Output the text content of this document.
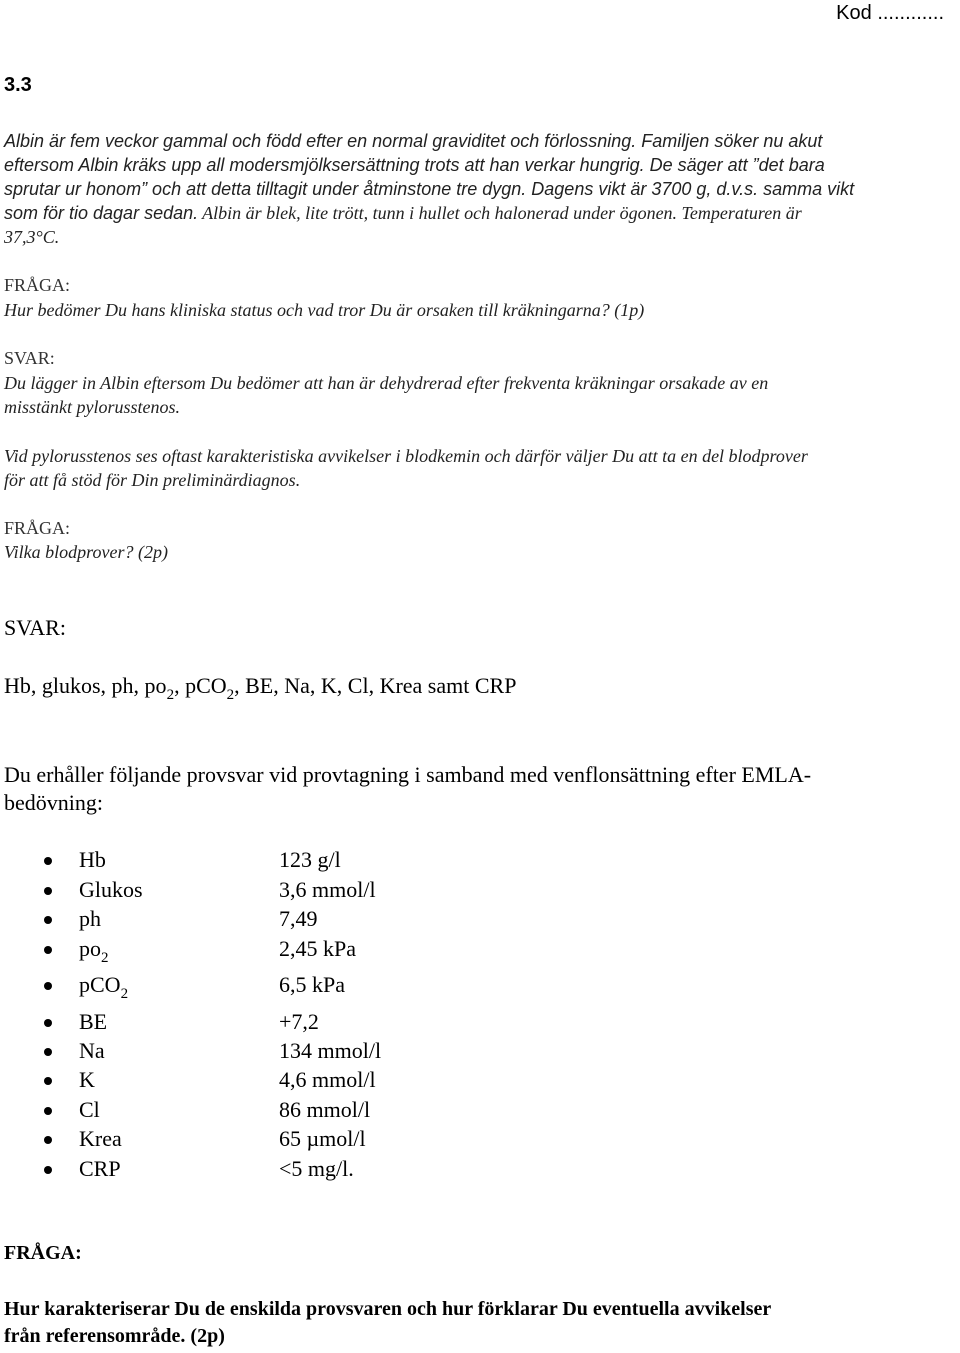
Kod ............
3.3
Albin är fem veckor gammal och född efter en normal graviditet och förlossning. Familjen söker nu akut
eftersom Albin kräks upp all modersmjölksersättning trots att han verkar hungrig. De säger att ”det bara
sprutar ur honom” och att detta tilltagit under åtminstone tre dygn. Dagens vikt är 3700 g, d.v.s. samma vikt
som för tio dagar sedan. Albin är blek, lite trött, tunn i hullet och halonerad under ögonen. Temperaturen är
37,3°C.
FRÅGA:
Hur bedömer Du hans kliniska status och vad tror Du är orsaken till kräkningarna? (1p)
SVAR:
Du lägger in Albin eftersom Du bedömer att han är dehydrerad efter frekventa kräkningar orsakade av en
misstänkt pylorusstenos.
Vid pylorusstenos ses oftast karakteristiska avvikelser i blodkemin och därför väljer Du att ta en del blodprover
för att få stöd för Din preliminärdiagnos.
FRÅGA:
Vilka blodprover? (2p)
SVAR:
Hb, glukos, ph, $po_2$, pCO$_2$, BE, Na, K, Cl, Krea samt CRP
Du erhåller följande provsvar vid provtagning i samband med venflonsättning efter EMLA-
bedövning:
Hb	123 g/l
Glukos	3,6 mmol/l
ph	7,49
$po_2$	2,45 kPa
pCO$_2$	6,5 kPa
BE	+7,2
Na	134 mmol/l
K	4,6 mmol/l
Cl	86 mmol/l
Krea	65 µmol/l
CRP	<5 mg/l.
FRÅGA:
Hur karakteriserar Du de enskilda provsvaren och hur förklarar Du eventuella avvikelser
från referensområde. (2p)
